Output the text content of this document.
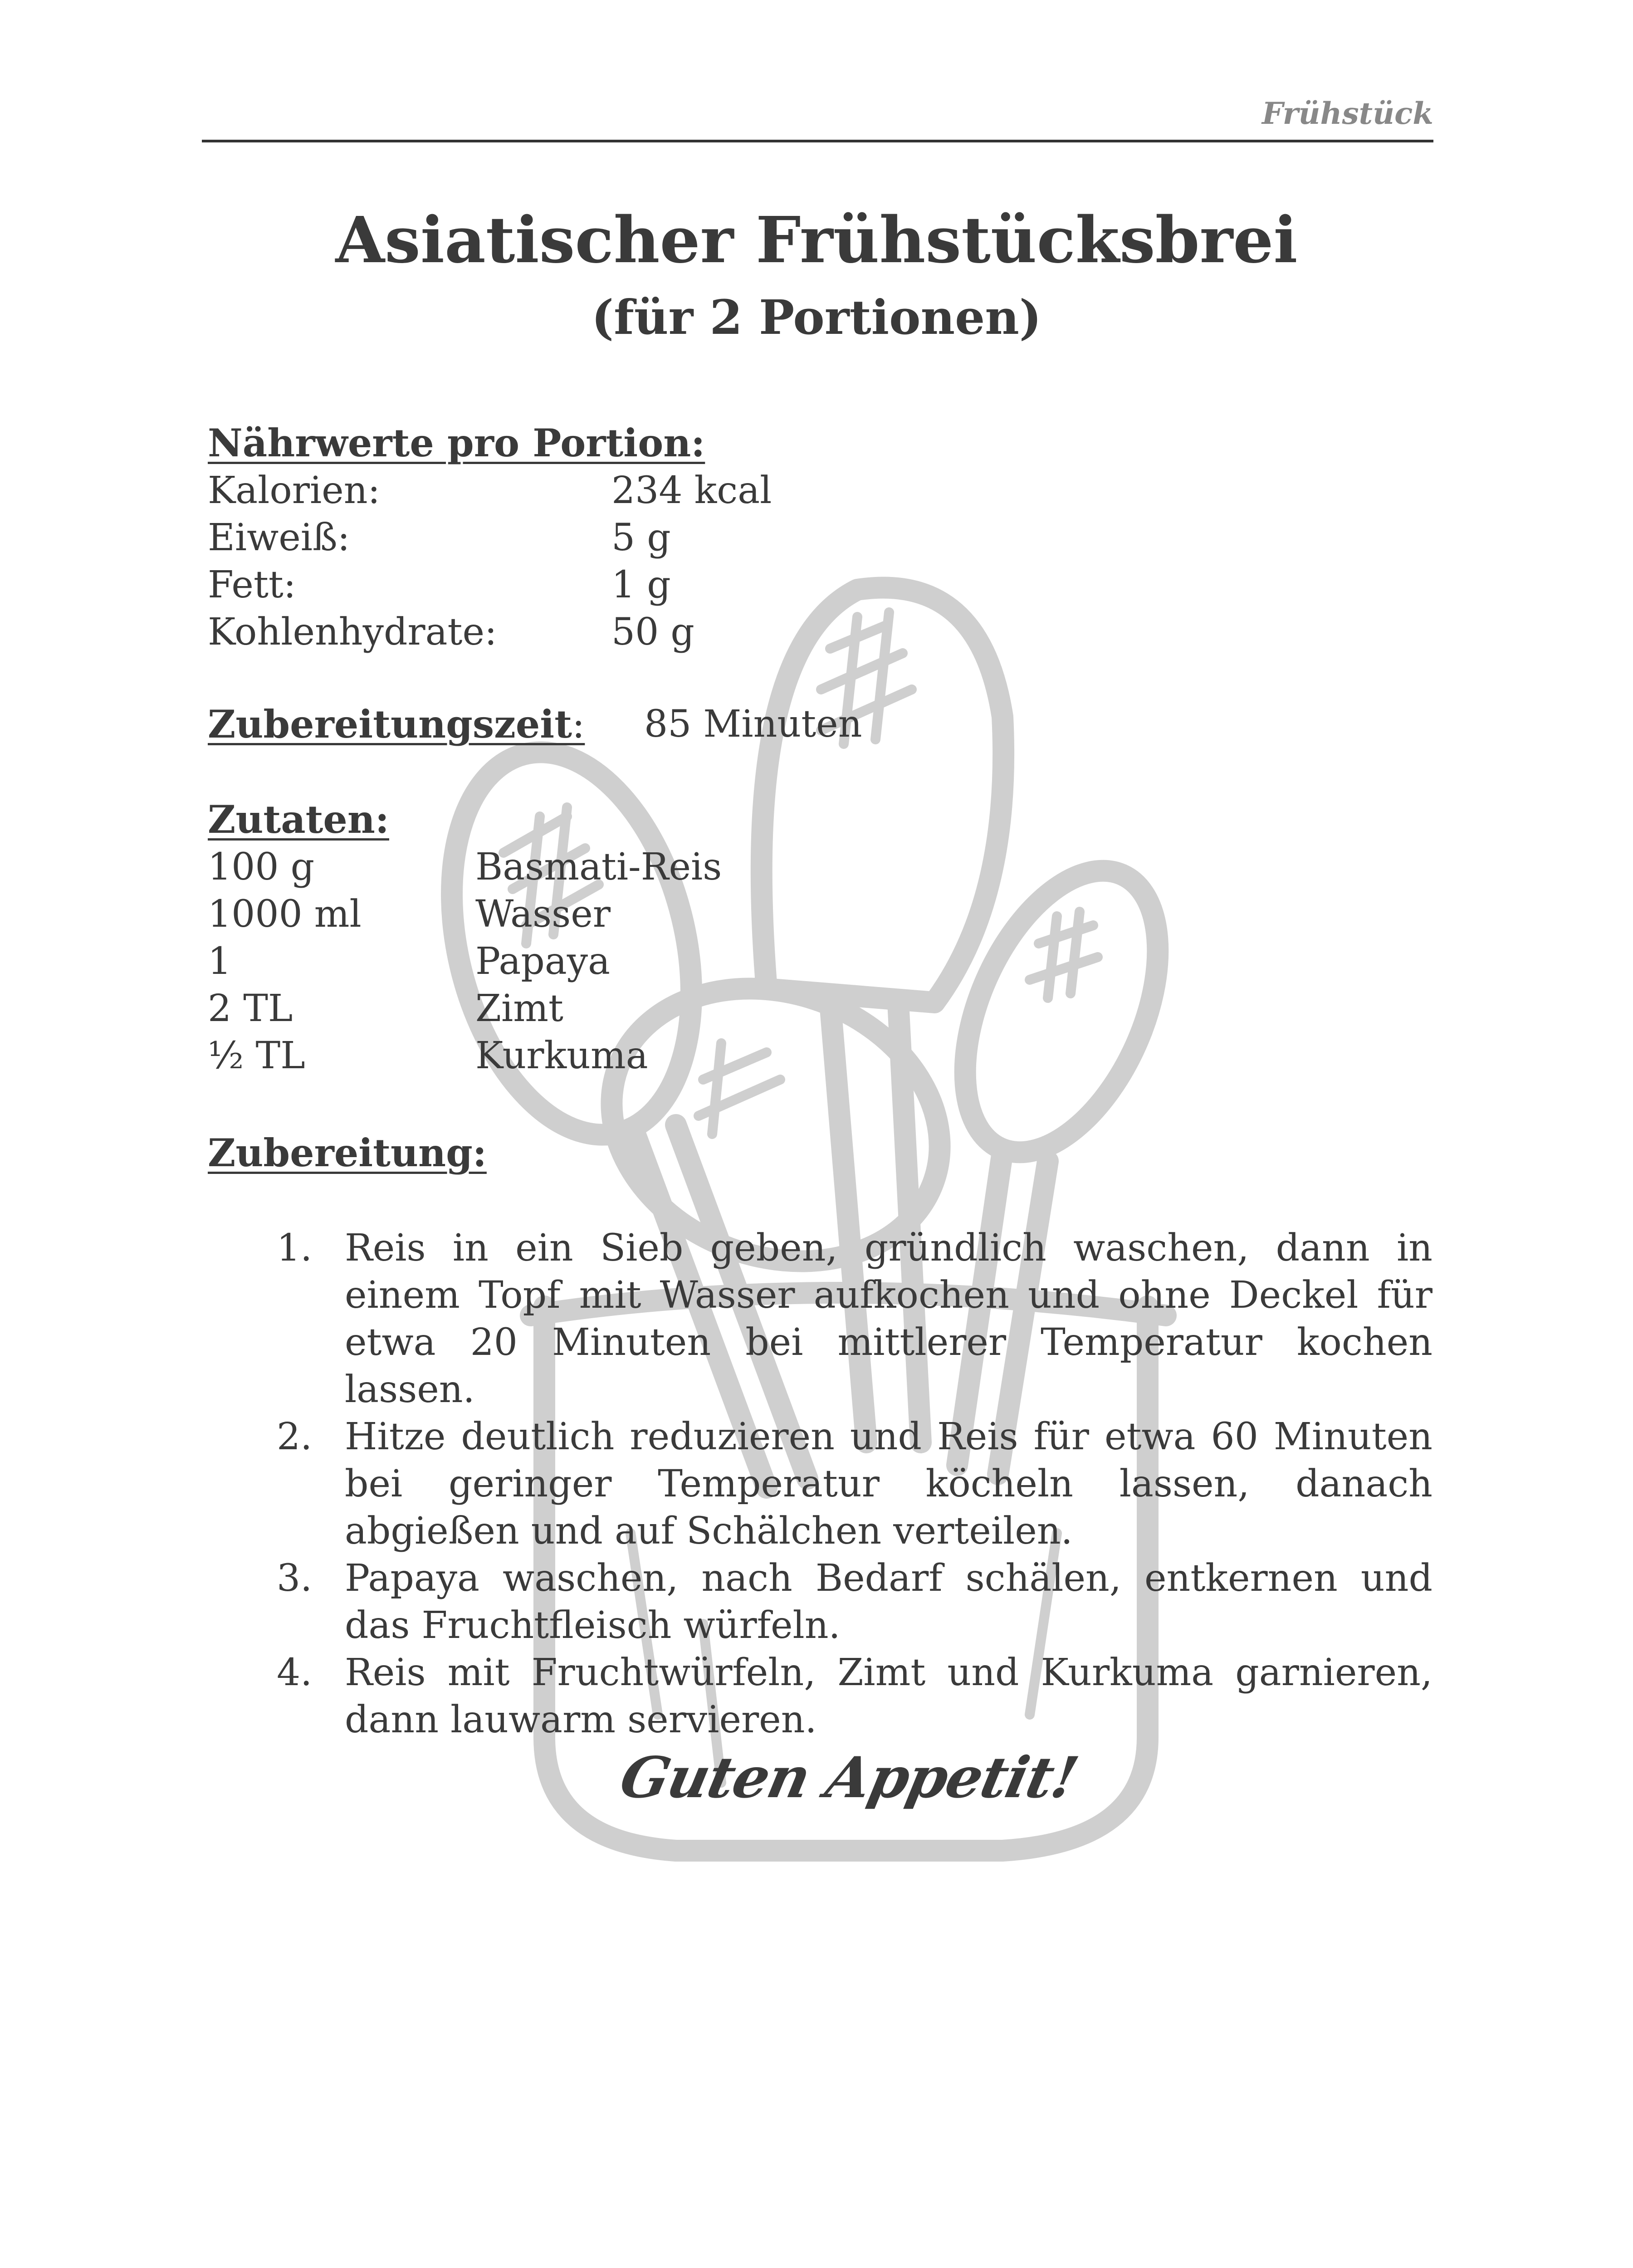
Frühstück
Asiatischer Frühstücksbrei
(für 2 Portionen)
Nährwerte pro Portion:
Kalorien:	234 kcal
Eiweiß:	5 g
Fett:	1 g
Kohlenhydrate:	50 g
Zubereitungszeit: 85 Minuten
Zutaten:
100 g	Basmati-Reis
1000 ml	Wasser
1	Papaya
2 TL	Zimt
½ TL	Kurkuma
Zubereitung:

1. Reis in ein Sieb geben, gründlich waschen, dann in einem Topf mit Wasser aufkochen und ohne Deckel für etwa 20 Minuten bei mittlerer Temperatur kochen lassen.

2. Hitze deutlich reduzieren und Reis für etwa 60 Minuten bei geringer Temperatur köcheln lassen, danach abgießen und auf Schälchen verteilen.

3. Papaya waschen, nach Bedarf schälen, entkernen und das Fruchtfleisch würfeln.

4. Reis mit Fruchtwürfeln, Zimt und Kurkuma garnieren, dann lauwarm servieren.

Guten Appetit!
